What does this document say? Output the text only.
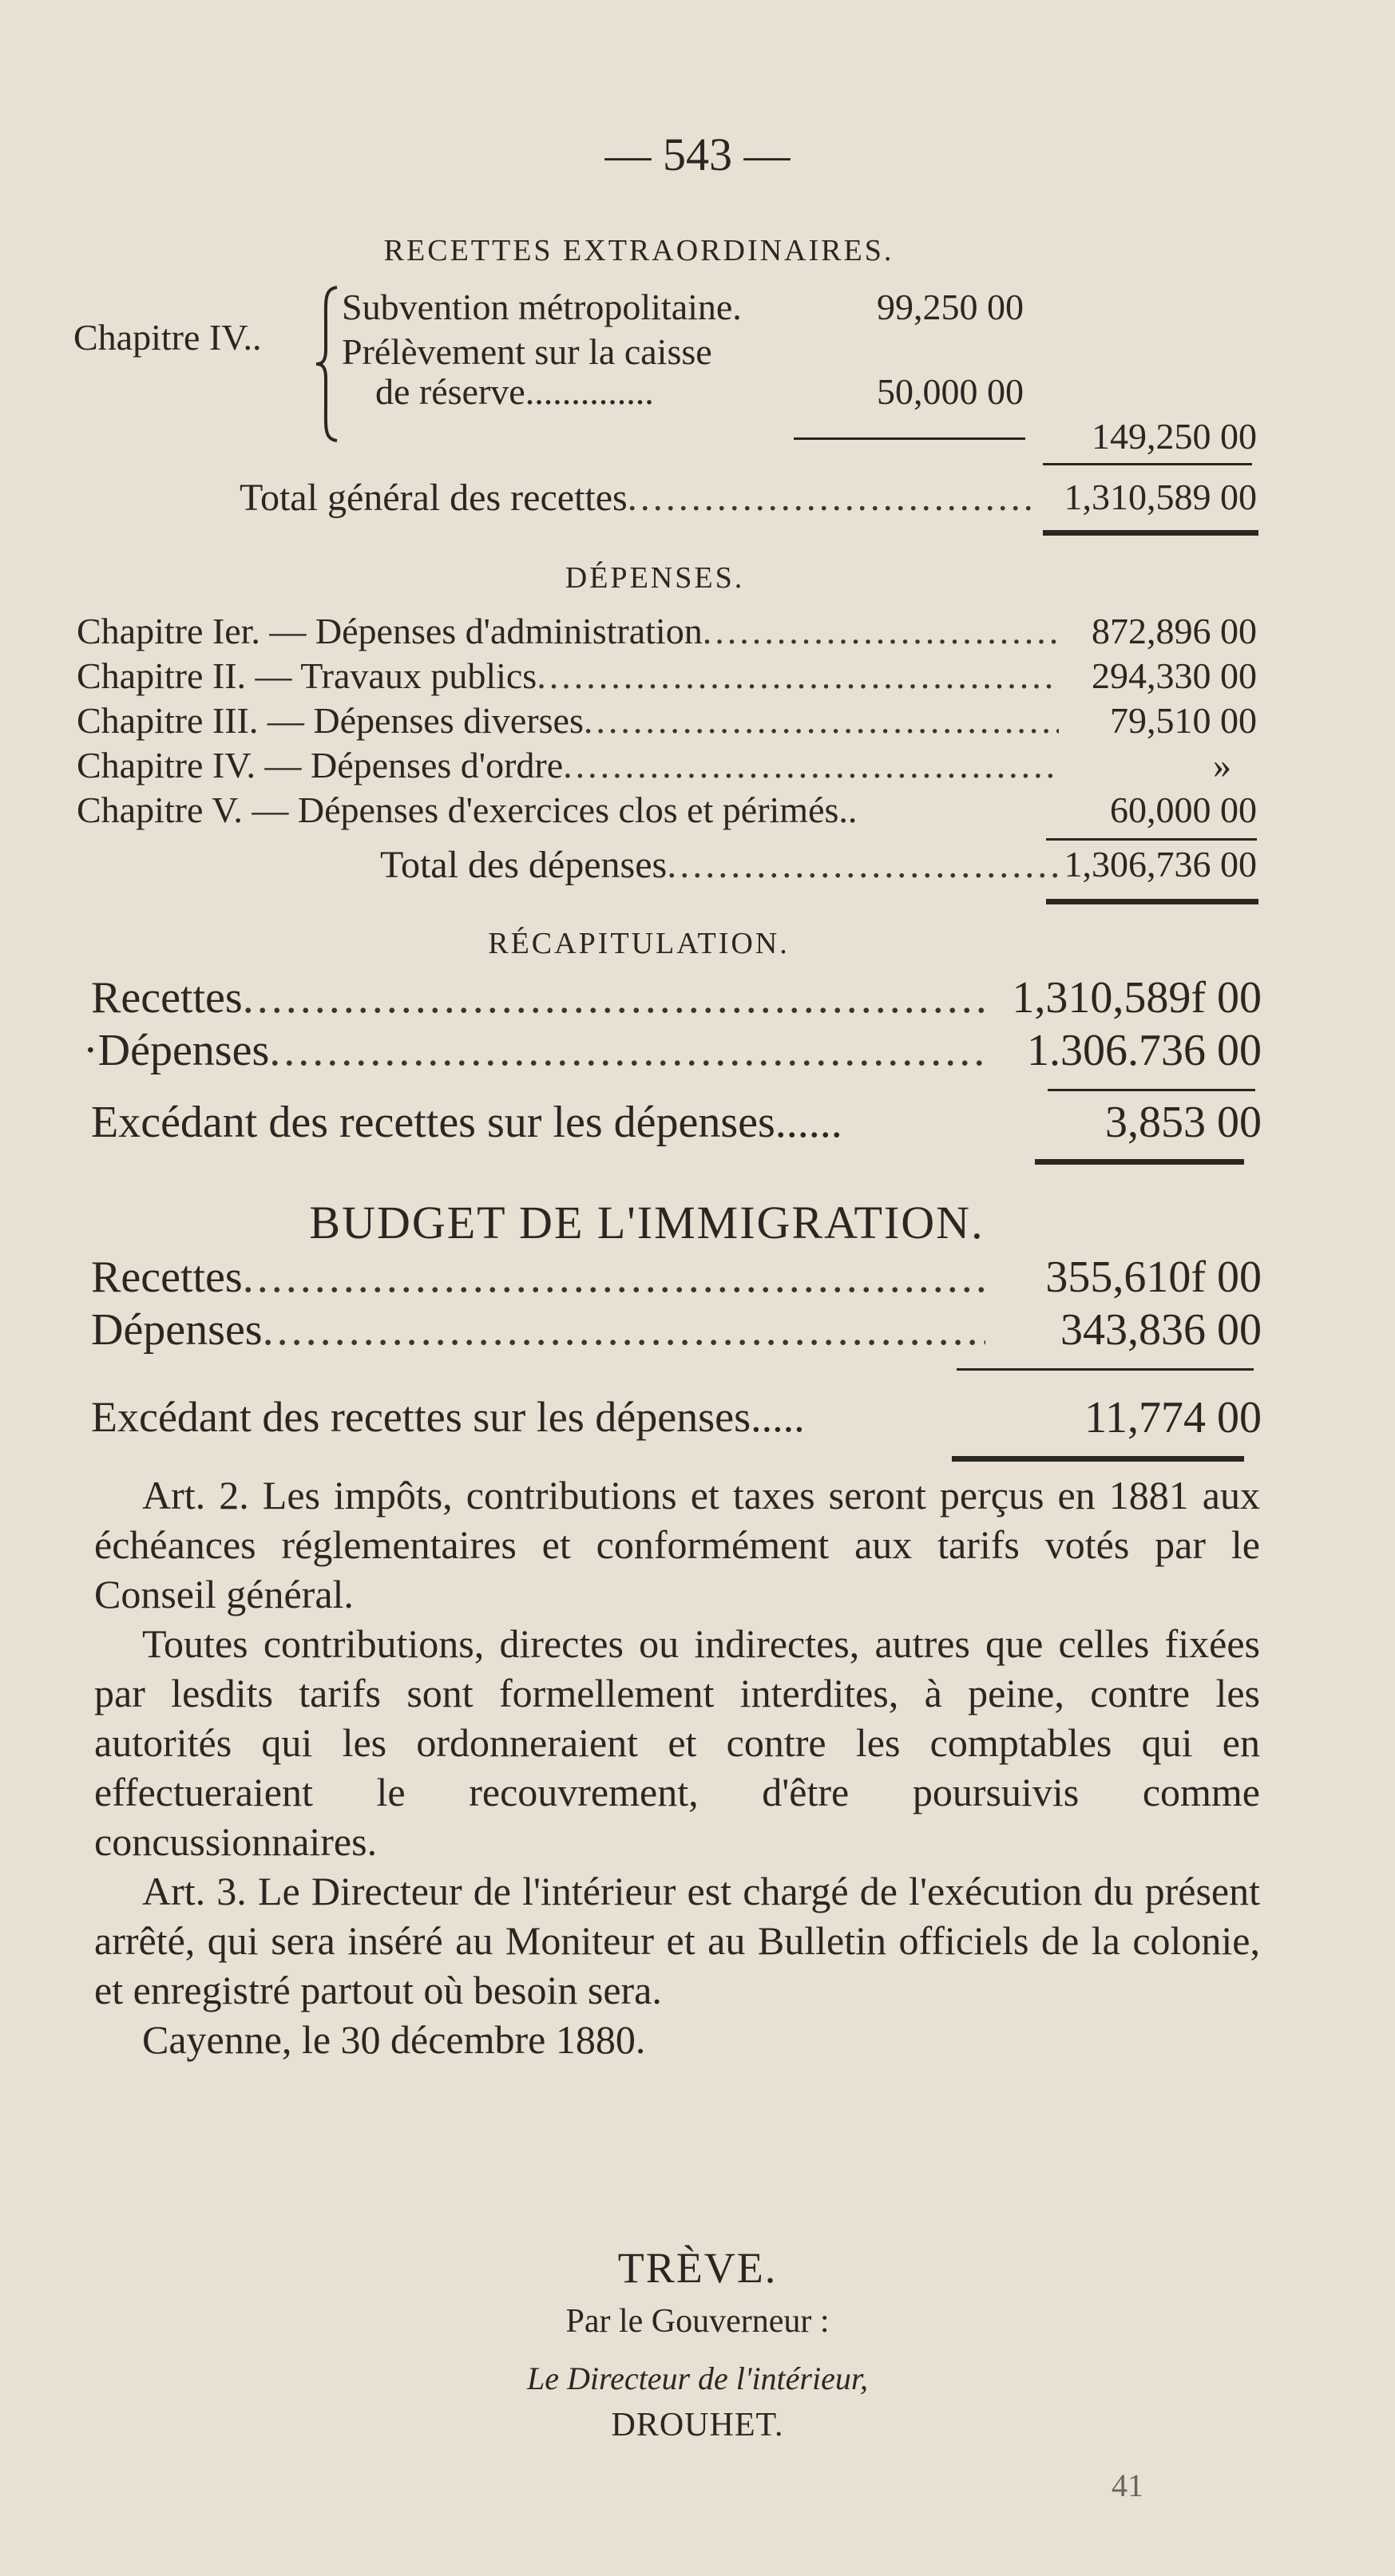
— 543 —
RECETTES EXTRAORDINAIRES.
Chapitre IV..
Subvention métropolitaine.	99,250 00
Prélèvement sur la caisse
de réserve..............	50,000 00
149,250 00
Total général des recettes .....	1,310,589 00
DÉPENSES.
Chapitre Ier. — Dépenses d'administration .....	872,896 00
Chapitre II. — Travaux publics .....	294,330 00
Chapitre III. — Dépenses diverses .....	79,510 00
Chapitre IV. — Dépenses d'ordre .....	»
Chapitre V. — Dépenses d'exercices clos et périmés..	60,000 00
Total des dépenses .....	1,306,736 00
RÉCAPITULATION.
Recettes .....	1,310,589f 00
·Dépenses .....	1.306.736 00
Excédant des recettes sur les dépenses......	3,853 00
BUDGET DE L'IMMIGRATION.
Recettes .....	355,610f 00
Dépenses .....	343,836 00
Excédant des recettes sur les dépenses.....	11,774 00

Art. 2. Les impôts, contributions et taxes seront perçus en 1881 aux échéances réglementaires et conformément aux tarifs votés par le Conseil général.

Toutes contributions, directes ou indirectes, autres que celles fixées par lesdits tarifs sont formellement interdites, à peine, contre les autorités qui les ordonneraient et contre les comptables qui en effectueraient le recouvrement, d'être poursuivis comme concussionnaires.

Art. 3. Le Directeur de l'intérieur est chargé de l'exécution du présent arrêté, qui sera inséré au Moniteur et au Bulletin officiels de la colonie, et enregistré partout où besoin sera.

Cayenne, le 30 décembre 1880.

TRÈVE.
Par le Gouverneur :
Le Directeur de l'intérieur,
DROUHET.
41
